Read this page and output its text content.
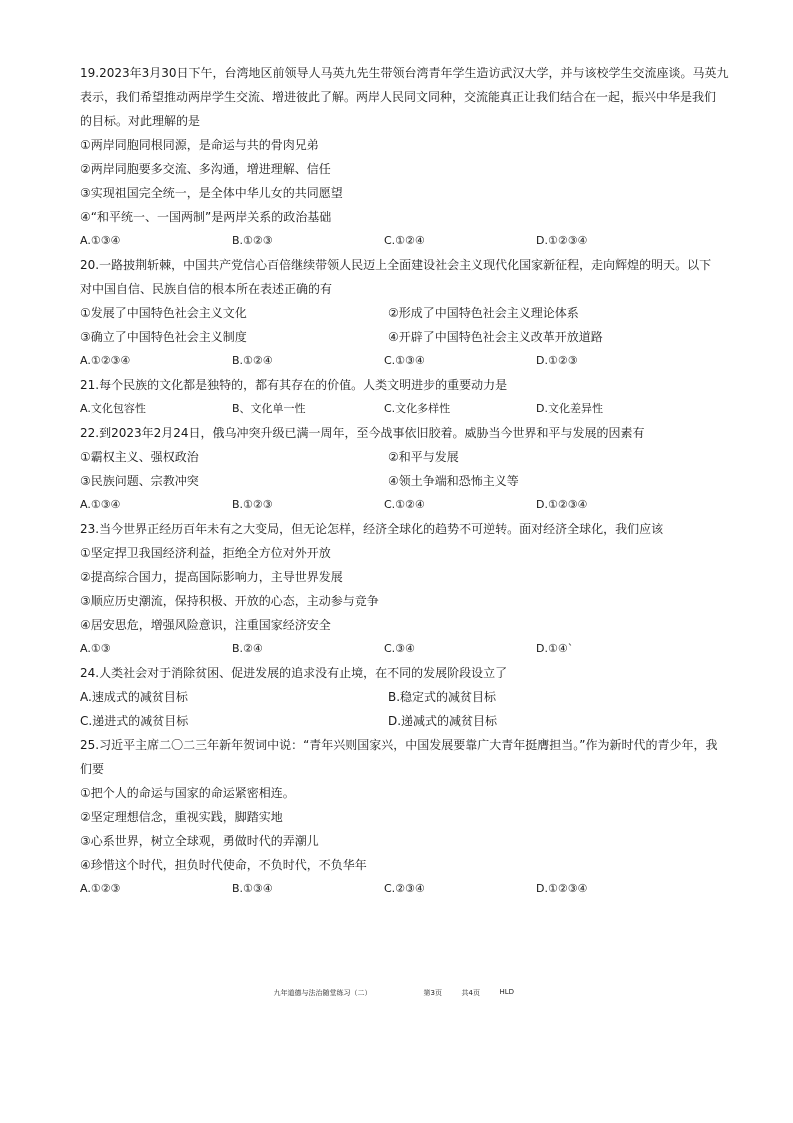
19.2023年3月30日下午，台湾地区前领导人马英九先生带领台湾青年学生造访武汉大学，并与该校学生交流座谈。马英九
表示，我们希望推动两岸学生交流、增进彼此了解。两岸人民同文同种，交流能真正让我们结合在一起，振兴中华是我们
的目标。对此理解的是
①两岸同胞同根同源，是命运与共的骨肉兄弟
②两岸同胞要多交流、多沟通，增进理解、信任
③实现祖国完全统一，是全体中华儿女的共同愿望
④“和平统一、一国两制”是两岸关系的政治基础
A.①③④	B.①②③	C.①②④	D.①②③④
20.一路披荆斩棘，中国共产党信心百倍继续带领人民迈上全面建设社会主义现代化国家新征程，走向辉煌的明天。以下
对中国自信、民族自信的根本所在表述正确的有
①发展了中国特色社会主义文化	②形成了中国特色社会主义理论体系
③确立了中国特色社会主义制度	④开辟了中国特色社会主义改革开放道路
A.①②③④	B.①②④	C.①③④	D.①②③
21.每个民族的文化都是独特的，都有其存在的价值。人类文明进步的重要动力是
A.文化包容性	B、文化单一性	C.文化多样性	D.文化差异性
22.到2023年2月24日，俄乌冲突升级已满一周年，至今战事依旧胶着。威胁当今世界和平与发展的因素有
①霸权主义、强权政治	②和平与发展
③民族问题、宗教冲突	④领土争端和恐怖主义等
A.①③④	B.①②③	C.①②④	D.①②③④
23.当今世界正经历百年未有之大变局，但无论怎样，经济全球化的趋势不可逆转。面对经济全球化，我们应该
①坚定捍卫我国经济利益，拒绝全方位对外开放
②提高综合国力，提高国际影响力，主导世界发展
③顺应历史潮流，保持积极、开放的心态，主动参与竞争
④居安思危，增强风险意识，注重国家经济安全
A.①③	B.②④	C.③④	D.①④`
24.人类社会对于消除贫困、促进发展的追求没有止境，在不同的发展阶段设立了
A.速成式的减贫目标	B.稳定式的减贫目标
C.递进式的减贫目标	D.递减式的减贫目标
25.习近平主席二〇二三年新年贺词中说：“青年兴则国家兴，中国发展要靠广大青年挺膺担当。”作为新时代的青少年，我
们要
①把个人的命运与国家的命运紧密相连。
②坚定理想信念，重视实践，脚踏实地
③心系世界，树立全球观，勇做时代的弄潮儿
④珍惜这个时代，担负时代使命，不负时代，不负华年
A.①②③	B.①③④	C.②③④	D.①②③④
九年道德与法治随堂练习（二）	第3页	共4页	HLD
